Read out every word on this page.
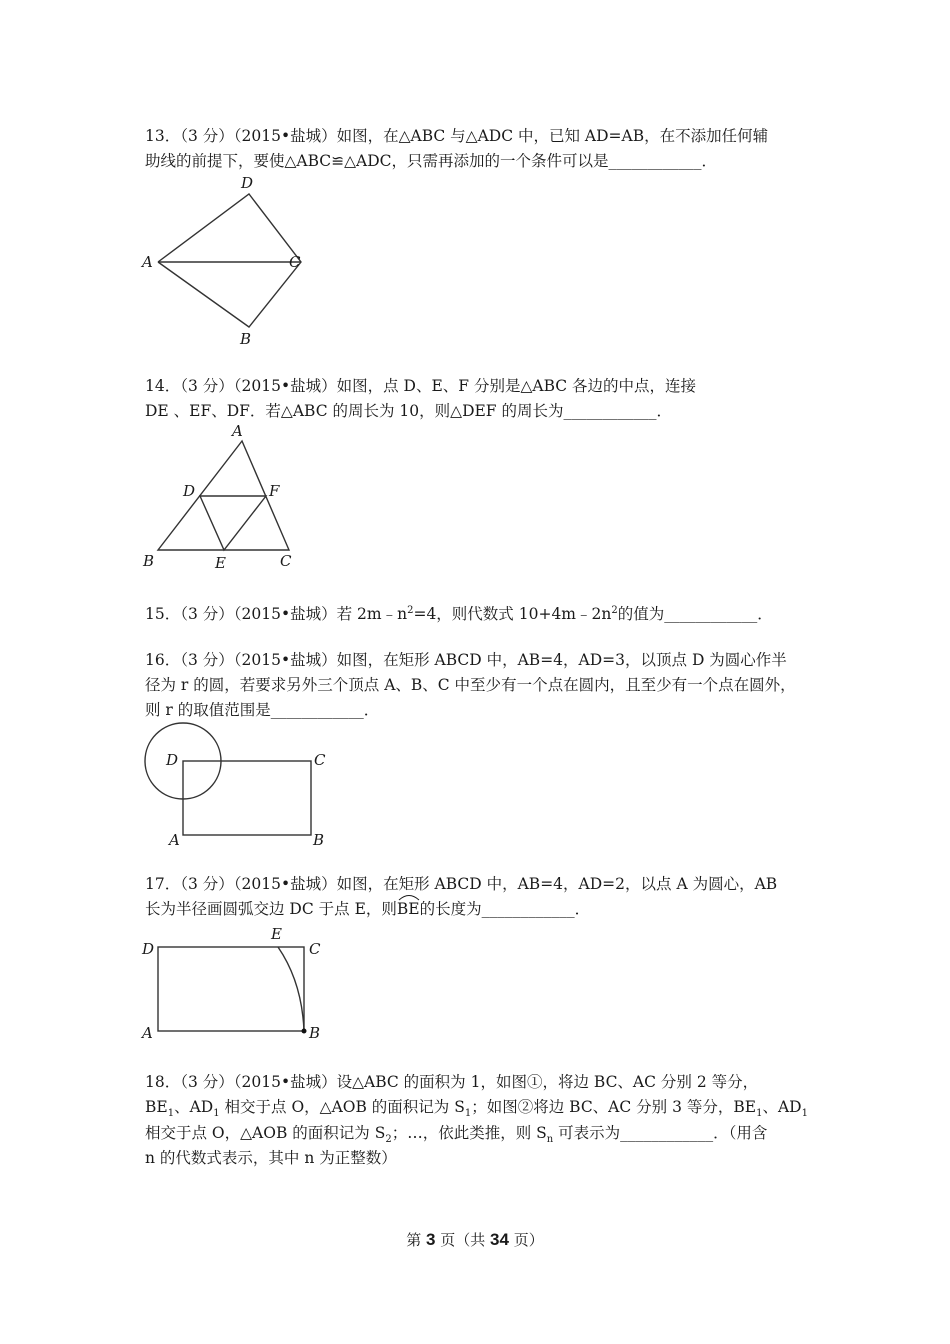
13．（3 分）（2015•盐城）如图，在△ABC 与△ADC 中，已知 AD=AB，在不添加任何辅
助线的前提下，要使△ABC≌△ADC，只需再添加的一个条件可以是____________．
D
A	C
B
14．（3 分）（2015•盐城）如图，点 D、E、F 分别是△ABC 各边的中点，连接
DE 、EF、DF．若△ABC 的周长为 10，则△DEF 的周长为____________．
A
D	F
B	E	C
15．（3 分）（2015•盐城）若 $2m﹣n^2=4$，则代数式 $10+4m﹣2n^2$的值为____________．
16．（3 分）（2015•盐城）如图，在矩形 ABCD 中，AB=4，AD=3，以顶点 D 为圆心作半
径为 r 的圆，若要求另外三个顶点 A、B、C 中至少有一个点在圆内，且至少有一个点在圆外，
则 r 的取值范围是____________．
D	C
A	B
17．（3 分）（2015•盐城）如图，在矩形 ABCD 中，AB=4，AD=2，以点 A 为圆心，AB
长为半径画圆弧交边 DC 于点 E，则
BE的长度为____________．
D
E
C
A	B
18．（3 分）（2015•盐城）设△ABC 的面积为 1，如图①，将边 BC、AC 分别 2 等分，
$BE_1$、$AD_1$ 相交于点 O，△AOB 的面积记为 $S_1$；如图②将边 BC、AC 分别 3 等分，$BE_1$、$AD_1$
相交于点 O，△AOB 的面积记为 $S_2$；…，依此类推，则 $S_n$ 可表示为____________．（用含
n 的代数式表示，其中 n 为正整数）
第 3 页（共 34 页）
